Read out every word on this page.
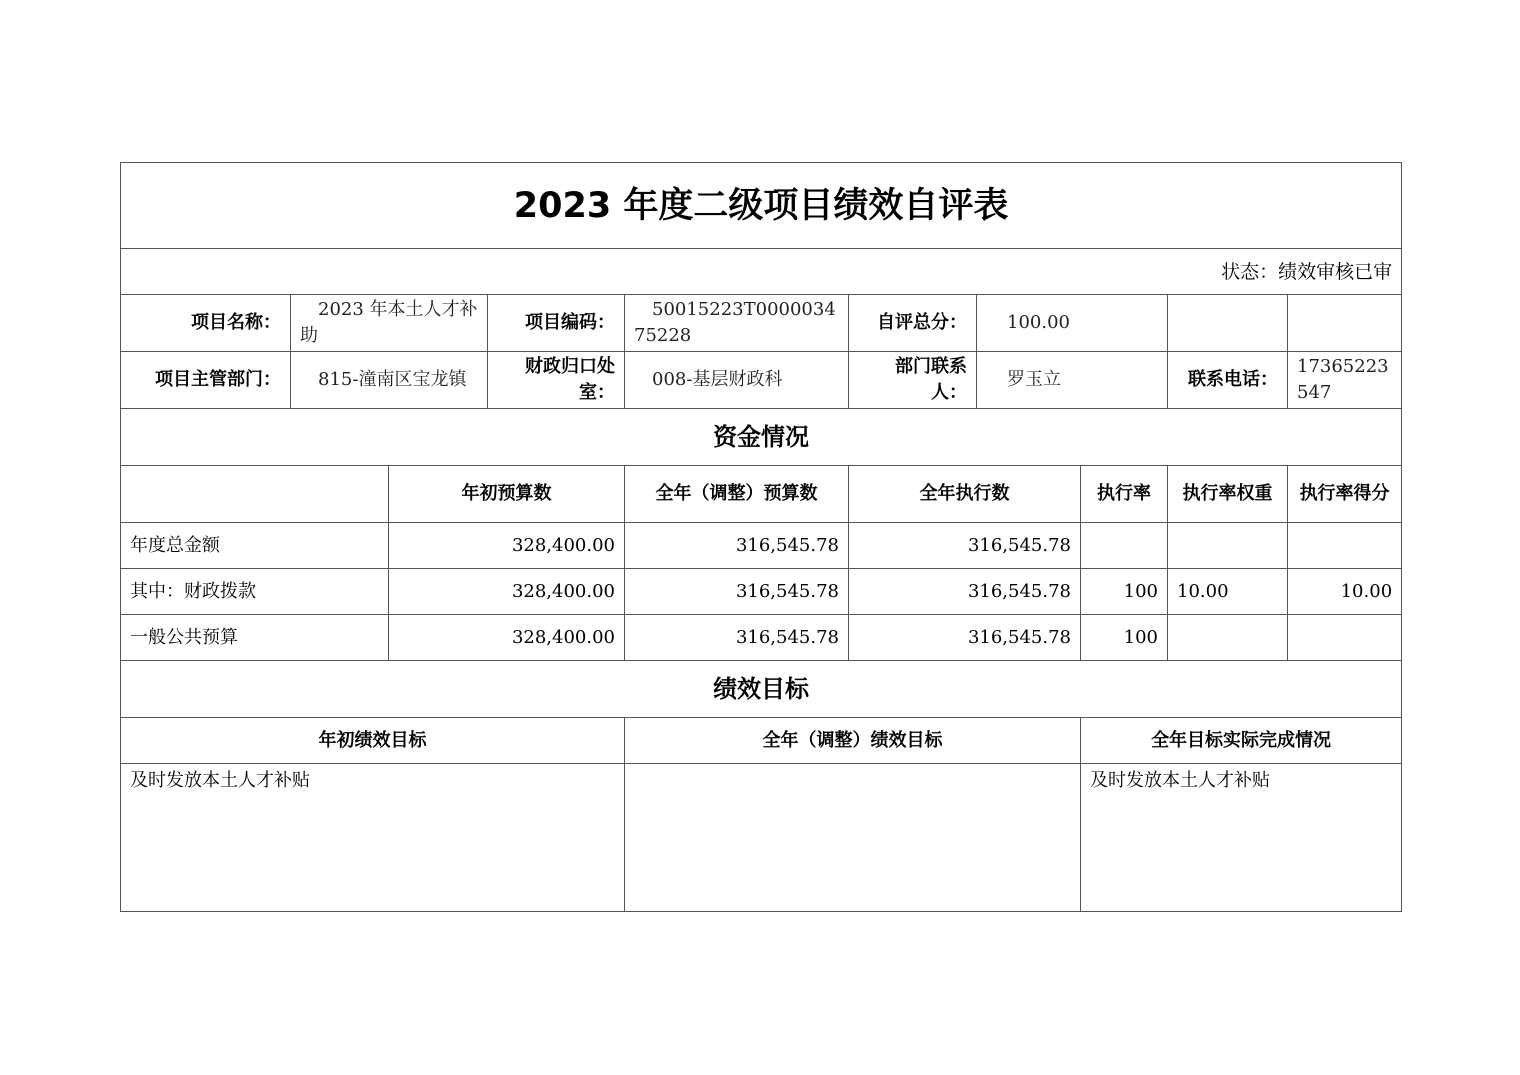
2023 年度二级项目绩效自评表									
状态：绩效审核已审									
项目名称：	2023 年本土人才补助		项目编码：	50015223T000003475228	自评总分：	100.00			
项目主管部门：	815-潼南区宝龙镇		财政归口处室：	008-基层财政科	部门联系人：	罗玉立		联系电话：	17365223547
资金情况									
		年初预算数		全年（调整）预算数	全年执行数		执行率	执行率权重	执行率得分
年度总金额		328,400.00		316,545.78	316,545.78				
其中：财政拨款		328,400.00		316,545.78	316,545.78		100	10.00	10.00
一般公共预算		328,400.00		316,545.78	316,545.78		100		
绩效目标									
年初绩效目标				全年（调整）绩效目标			全年目标实际完成情况		
及时发放本土人才补贴							及时发放本土人才补贴		
